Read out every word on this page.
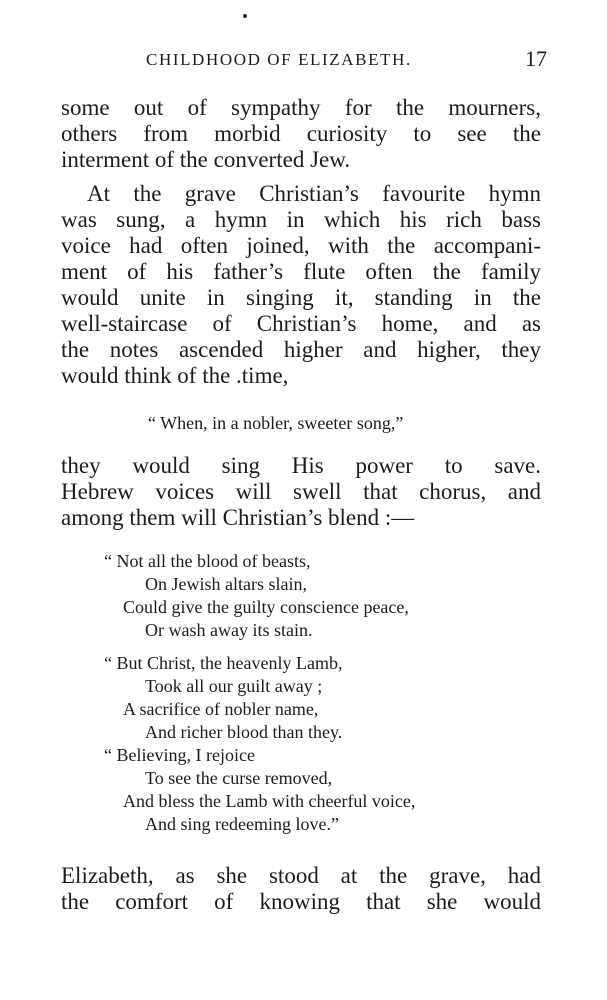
CHILDHOOD OF ELIZABETH.	17
some out of sympathy for the mourners,
others from morbid curiosity to see the
interment of the converted Jew.
At the grave Christian’s favourite hymn
was sung, a hymn in which his rich bass
voice had often joined, with the accompani-
ment of his father’s flute often the family
would unite in singing it, standing in the
well-staircase of Christian’s home, and as
the notes ascended higher and higher, they
would think of the .time,
“ When, in a nobler, sweeter song,”
they would sing His power to save.
Hebrew voices will swell that chorus, and
among them will Christian’s blend :—
“ Not all the blood of beasts,
On Jewish altars slain,
Could give the guilty conscience peace,
Or wash away its stain.
“ But Christ, the heavenly Lamb,
Took all our guilt away ;
A sacrifice of nobler name,
And richer blood than they.
“ Believing, I rejoice
To see the curse removed,
And bless the Lamb with cheerful voice,
And sing redeeming love.”
Elizabeth, as she stood at the grave, had
the comfort of knowing that she would
